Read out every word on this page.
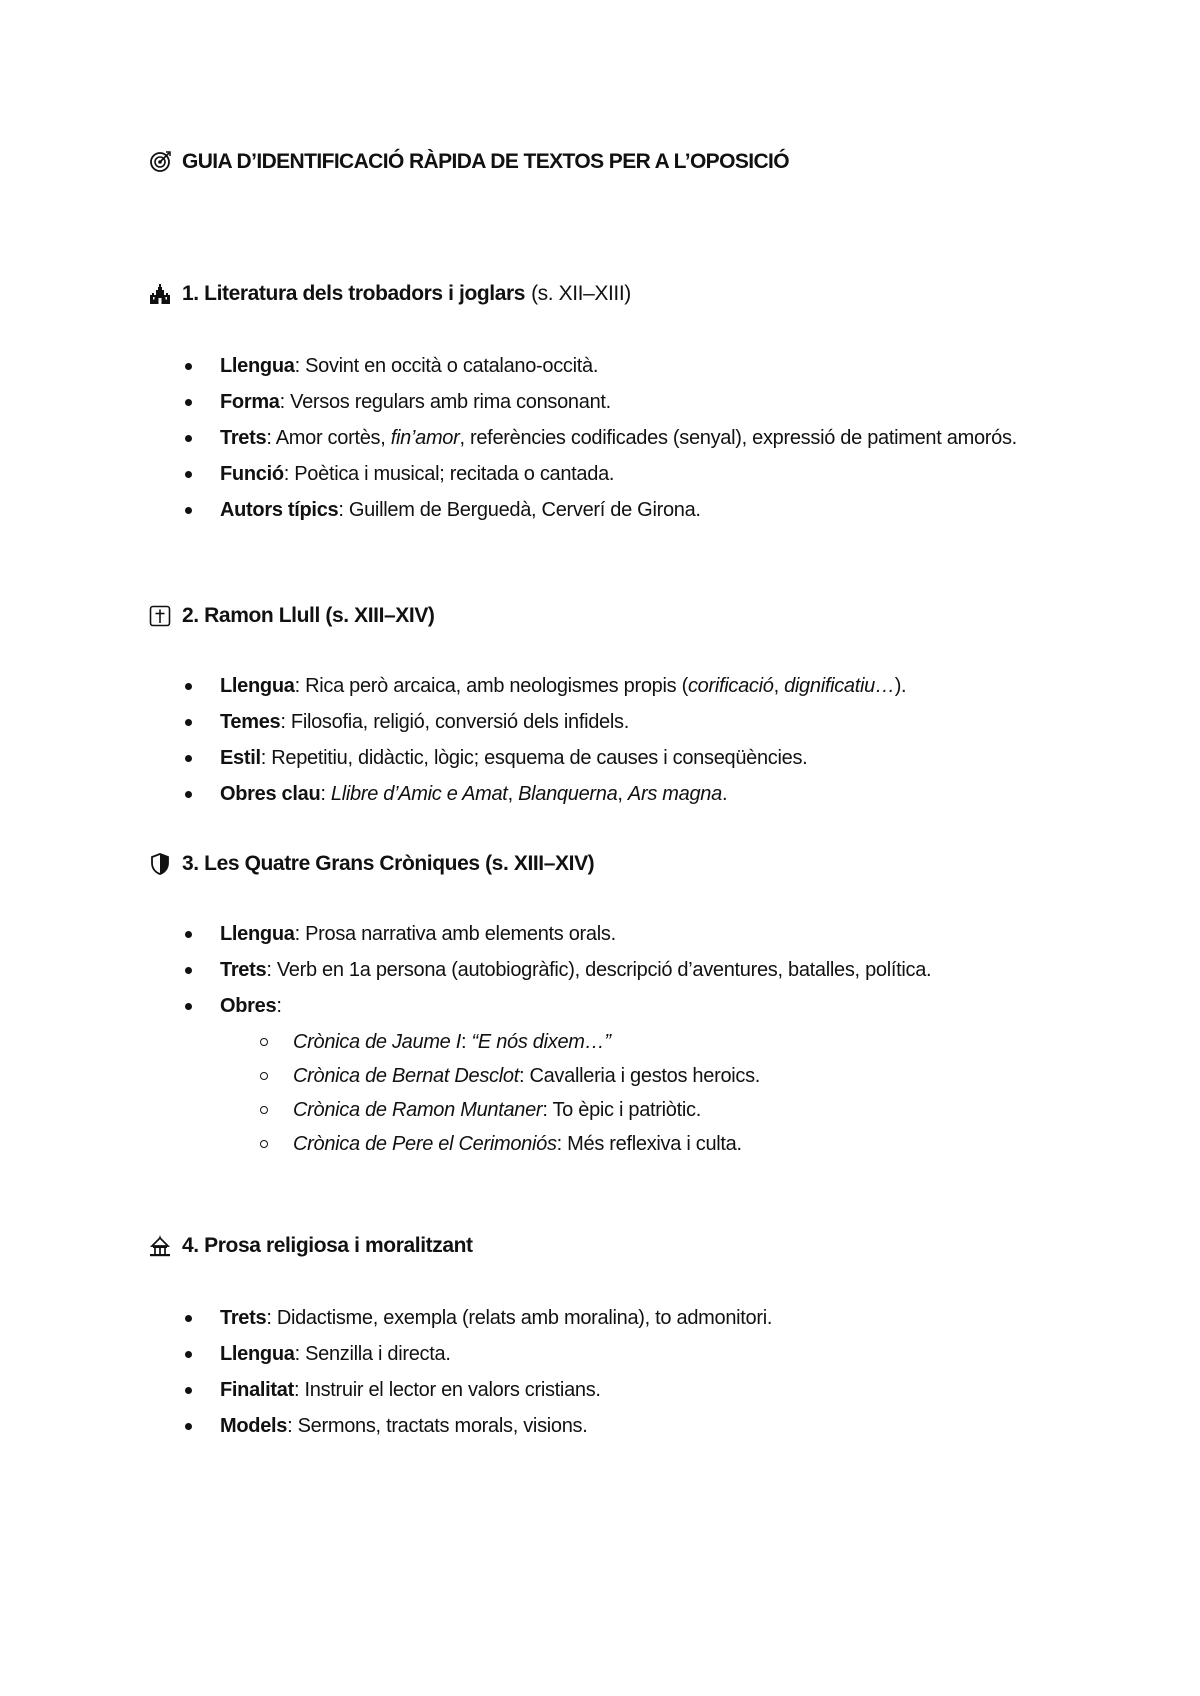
GUIA D’IDENTIFICACIÓ RÀPIDA DE TEXTOS PER A L’OPOSICIÓ
1. Literatura dels trobadors i joglars (s. XII–XIII)
Llengua: Sovint en occità o catalano-occità.
Forma: Versos regulars amb rima consonant.
Trets: Amor cortès, fin’amor, referències codificades (senyal), expressió de patiment amorós.
Funció: Poètica i musical; recitada o cantada.
Autors típics: Guillem de Berguedà, Cerverí de Girona.
2. Ramon Llull (s. XIII–XIV)
Llengua: Rica però arcaica, amb neologismes propis (corificació, dignificatiu…).
Temes: Filosofia, religió, conversió dels infidels.
Estil: Repetitiu, didàctic, lògic; esquema de causes i conseqüències.
Obres clau: Llibre d’Amic e Amat, Blanquerna, Ars magna.
3. Les Quatre Grans Cròniques (s. XIII–XIV)
Llengua: Prosa narrativa amb elements orals.
Trets: Verb en 1a persona (autobiogràfic), descripció d’aventures, batalles, política.
Obres:
Crònica de Jaume I: “E nós dixem…”
Crònica de Bernat Desclot: Cavalleria i gestos heroics.
Crònica de Ramon Muntaner: To èpic i patriòtic.
Crònica de Pere el Cerimoniós: Més reflexiva i culta.
4. Prosa religiosa i moralitzant
Trets: Didactisme, exempla (relats amb moralina), to admonitori.
Llengua: Senzilla i directa.
Finalitat: Instruir el lector en valors cristians.
Models: Sermons, tractats morals, visions.
